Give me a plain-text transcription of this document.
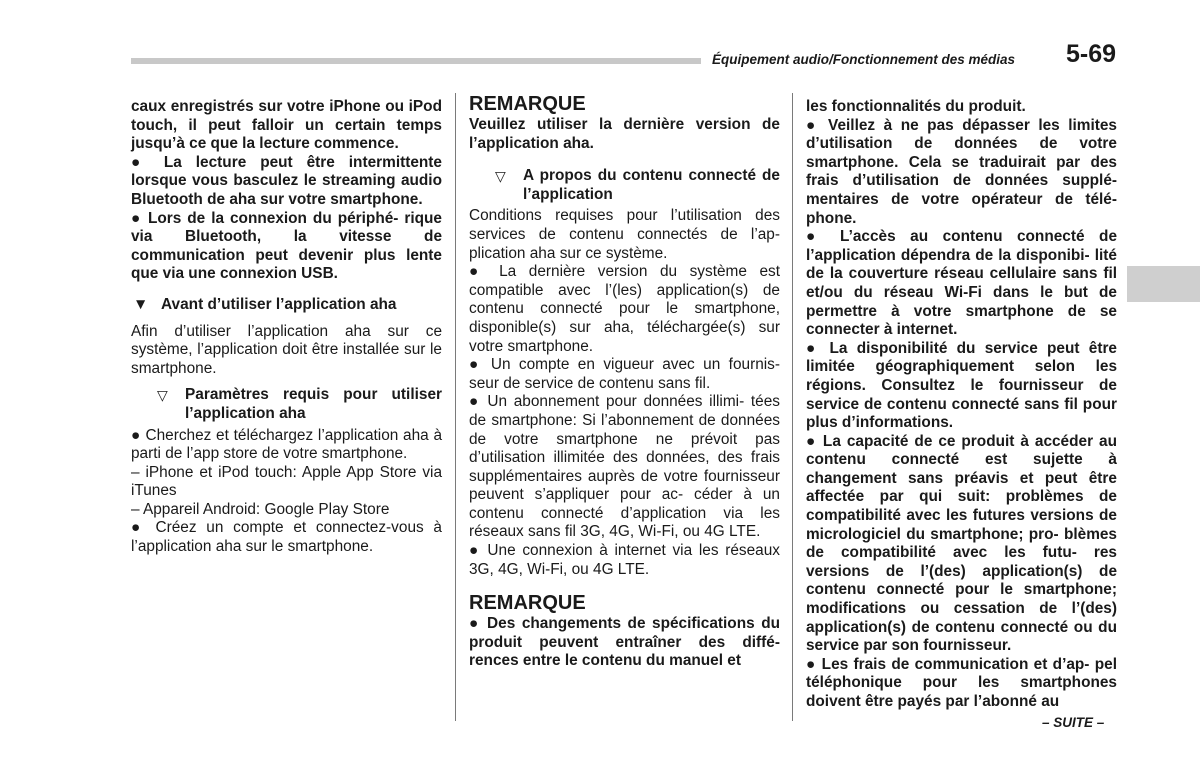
Équipement audio/Fonctionnement des médias 5-69

caux enregistrés sur votre iPhone ou iPod touch, il peut falloir un certain temps jusqu’à ce que la lecture commence.

● La lecture peut être intermittente lorsque vous basculez le streaming audio Bluetooth de aha sur votre smartphone.

● Lors de la connexion du périphé- rique via Bluetooth, la vitesse de communication peut devenir plus lente que via une connexion USB.

▼ Avant d’utiliser l’application aha

Afin d’utiliser l’application aha sur ce système, l’application doit être installée sur le smartphone.

▽	Paramètres requis pour utiliser l’application aha

● Cherchez et téléchargez l’application aha à parti de l’app store de votre smartphone.

– iPhone et iPod touch: Apple App Store via iTunes

– Appareil Android: Google Play Store

● Créez un compte et connectez-vous à l’application aha sur le smartphone.

REMARQUE

Veuillez utiliser la dernière version de l’application aha.

▽	A propos du contenu connecté de l’application

Conditions requises pour l’utilisation des services de contenu connectés de l’ap- plication aha sur ce système.

● La dernière version du système est compatible avec l’(les) application(s) de contenu connecté pour le smartphone, disponible(s) sur aha, téléchargée(s) sur votre smartphone.

● Un compte en vigueur avec un fournis- seur de service de contenu sans fil.

● Un abonnement pour données illimi- tées de smartphone: Si l’abonnement de données de votre smartphone ne prévoit pas d’utilisation illimitée des données, des frais supplémentaires auprès de votre fournisseur peuvent s’appliquer pour ac- céder à un contenu connecté d’application via les réseaux sans fil 3G, 4G, Wi-Fi, ou 4G LTE.

● Une connexion à internet via les réseaux 3G, 4G, Wi-Fi, ou 4G LTE.

REMARQUE

● Des changements de spécifications du produit peuvent entraîner des diffé- rences entre le contenu du manuel et

les fonctionnalités du produit.

● Veillez à ne pas dépasser les limites d’utilisation de données de votre smartphone. Cela se traduirait par des frais d’utilisation de données supplé- mentaires de votre opérateur de télé- phone.

● L’accès au contenu connecté de l’application dépendra de la disponibi- lité de la couverture réseau cellulaire sans fil et/ou du réseau Wi-Fi dans le but de permettre à votre smartphone de se connecter à internet.

● La disponibilité du service peut être limitée géographiquement selon les régions. Consultez le fournisseur de service de contenu connecté sans fil pour plus d’informations.

● La capacité de ce produit à accéder au contenu connecté est sujette à changement sans préavis et peut être affectée par qui suit: problèmes de compatibilité avec les futures versions de micrologiciel du smartphone; pro- blèmes de compatibilité avec les futu- res versions de l’(des) application(s) de contenu connecté pour le smartphone; modifications ou cessation de l’(des) application(s) de contenu connecté ou du service par son fournisseur.

● Les frais de communication et d’ap- pel téléphonique pour les smartphones doivent être payés par l’abonné au

– SUITE –
